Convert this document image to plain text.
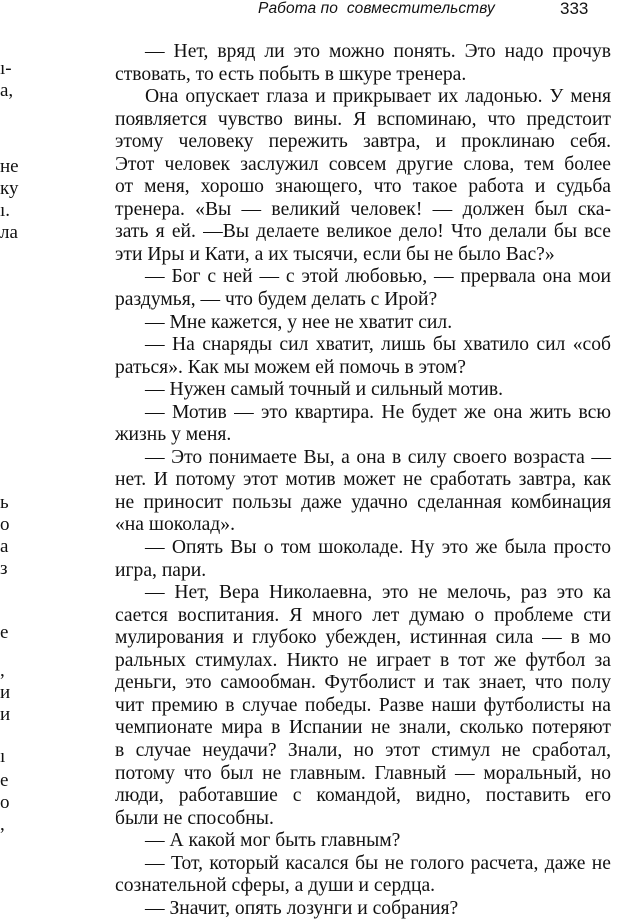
Работа по  совместительству	333
ı-
а,
не
ку
ı.
ла
ь
о
а
з
е
,
и
и
ı
е
о
,
— Нет, вряд ли это можно понять. Это надо прочув
ствовать, то есть побыть в шкуре тренера.
Она опускает глаза и прикрывает их ладонью. У меня
появляется чувство вины. Я вспоминаю, что предстоит
этому человеку пережить завтра, и проклинаю себя.
Этот человек заслужил совсем другие слова, тем более
от меня, хорошо знающего, что такое работа и судьба
тренера. «Вы — великий человек! — должен был ска-
зать я ей. —Вы делаете великое дело! Что делали бы все
эти Иры и Кати, а их тысячи, если бы не было Вас?»
— Бог с ней — с этой любовью, — прервала она мои
раздумья, — что будем делать с Ирой?
— Мне кажется, у нее не хватит сил.
— На снаряды сил хватит, лишь бы хватило сил «соб
раться». Как мы можем ей помочь в этом?
— Нужен самый точный и сильный мотив.
— Мотив — это квартира. Не будет же она жить всю
жизнь у меня.
— Это понимаете Вы, а она в силу своего возраста —
нет. И потому этот мотив может не сработать завтра, как
не приносит пользы даже удачно сделанная комбинация
«на шоколад».
— Опять Вы о том шоколаде. Ну это же была просто
игра, пари.
— Нет, Вера Николаевна, это не мелочь, раз это ка
сается воспитания. Я много лет думаю о проблеме сти
мулирования и глубоко убежден, истинная сила — в мо
ральных стимулах. Никто не играет в тот же футбол за
деньги, это самообман. Футболист и так знает, что полу
чит премию в случае победы. Разве наши футболисты на
чемпионате мира в Испании не знали, сколько потеряют
в случае неудачи? Знали, но этот стимул не сработал,
потому что был не главным. Главный — моральный, но
люди, работавшие с командой, видно, поставить его
были не способны.
— А какой мог быть главным?
— Тот, который касался бы не голого расчета, даже не
сознательной сферы, а души и сердца.
— Значит, опять лозунги и собрания?
